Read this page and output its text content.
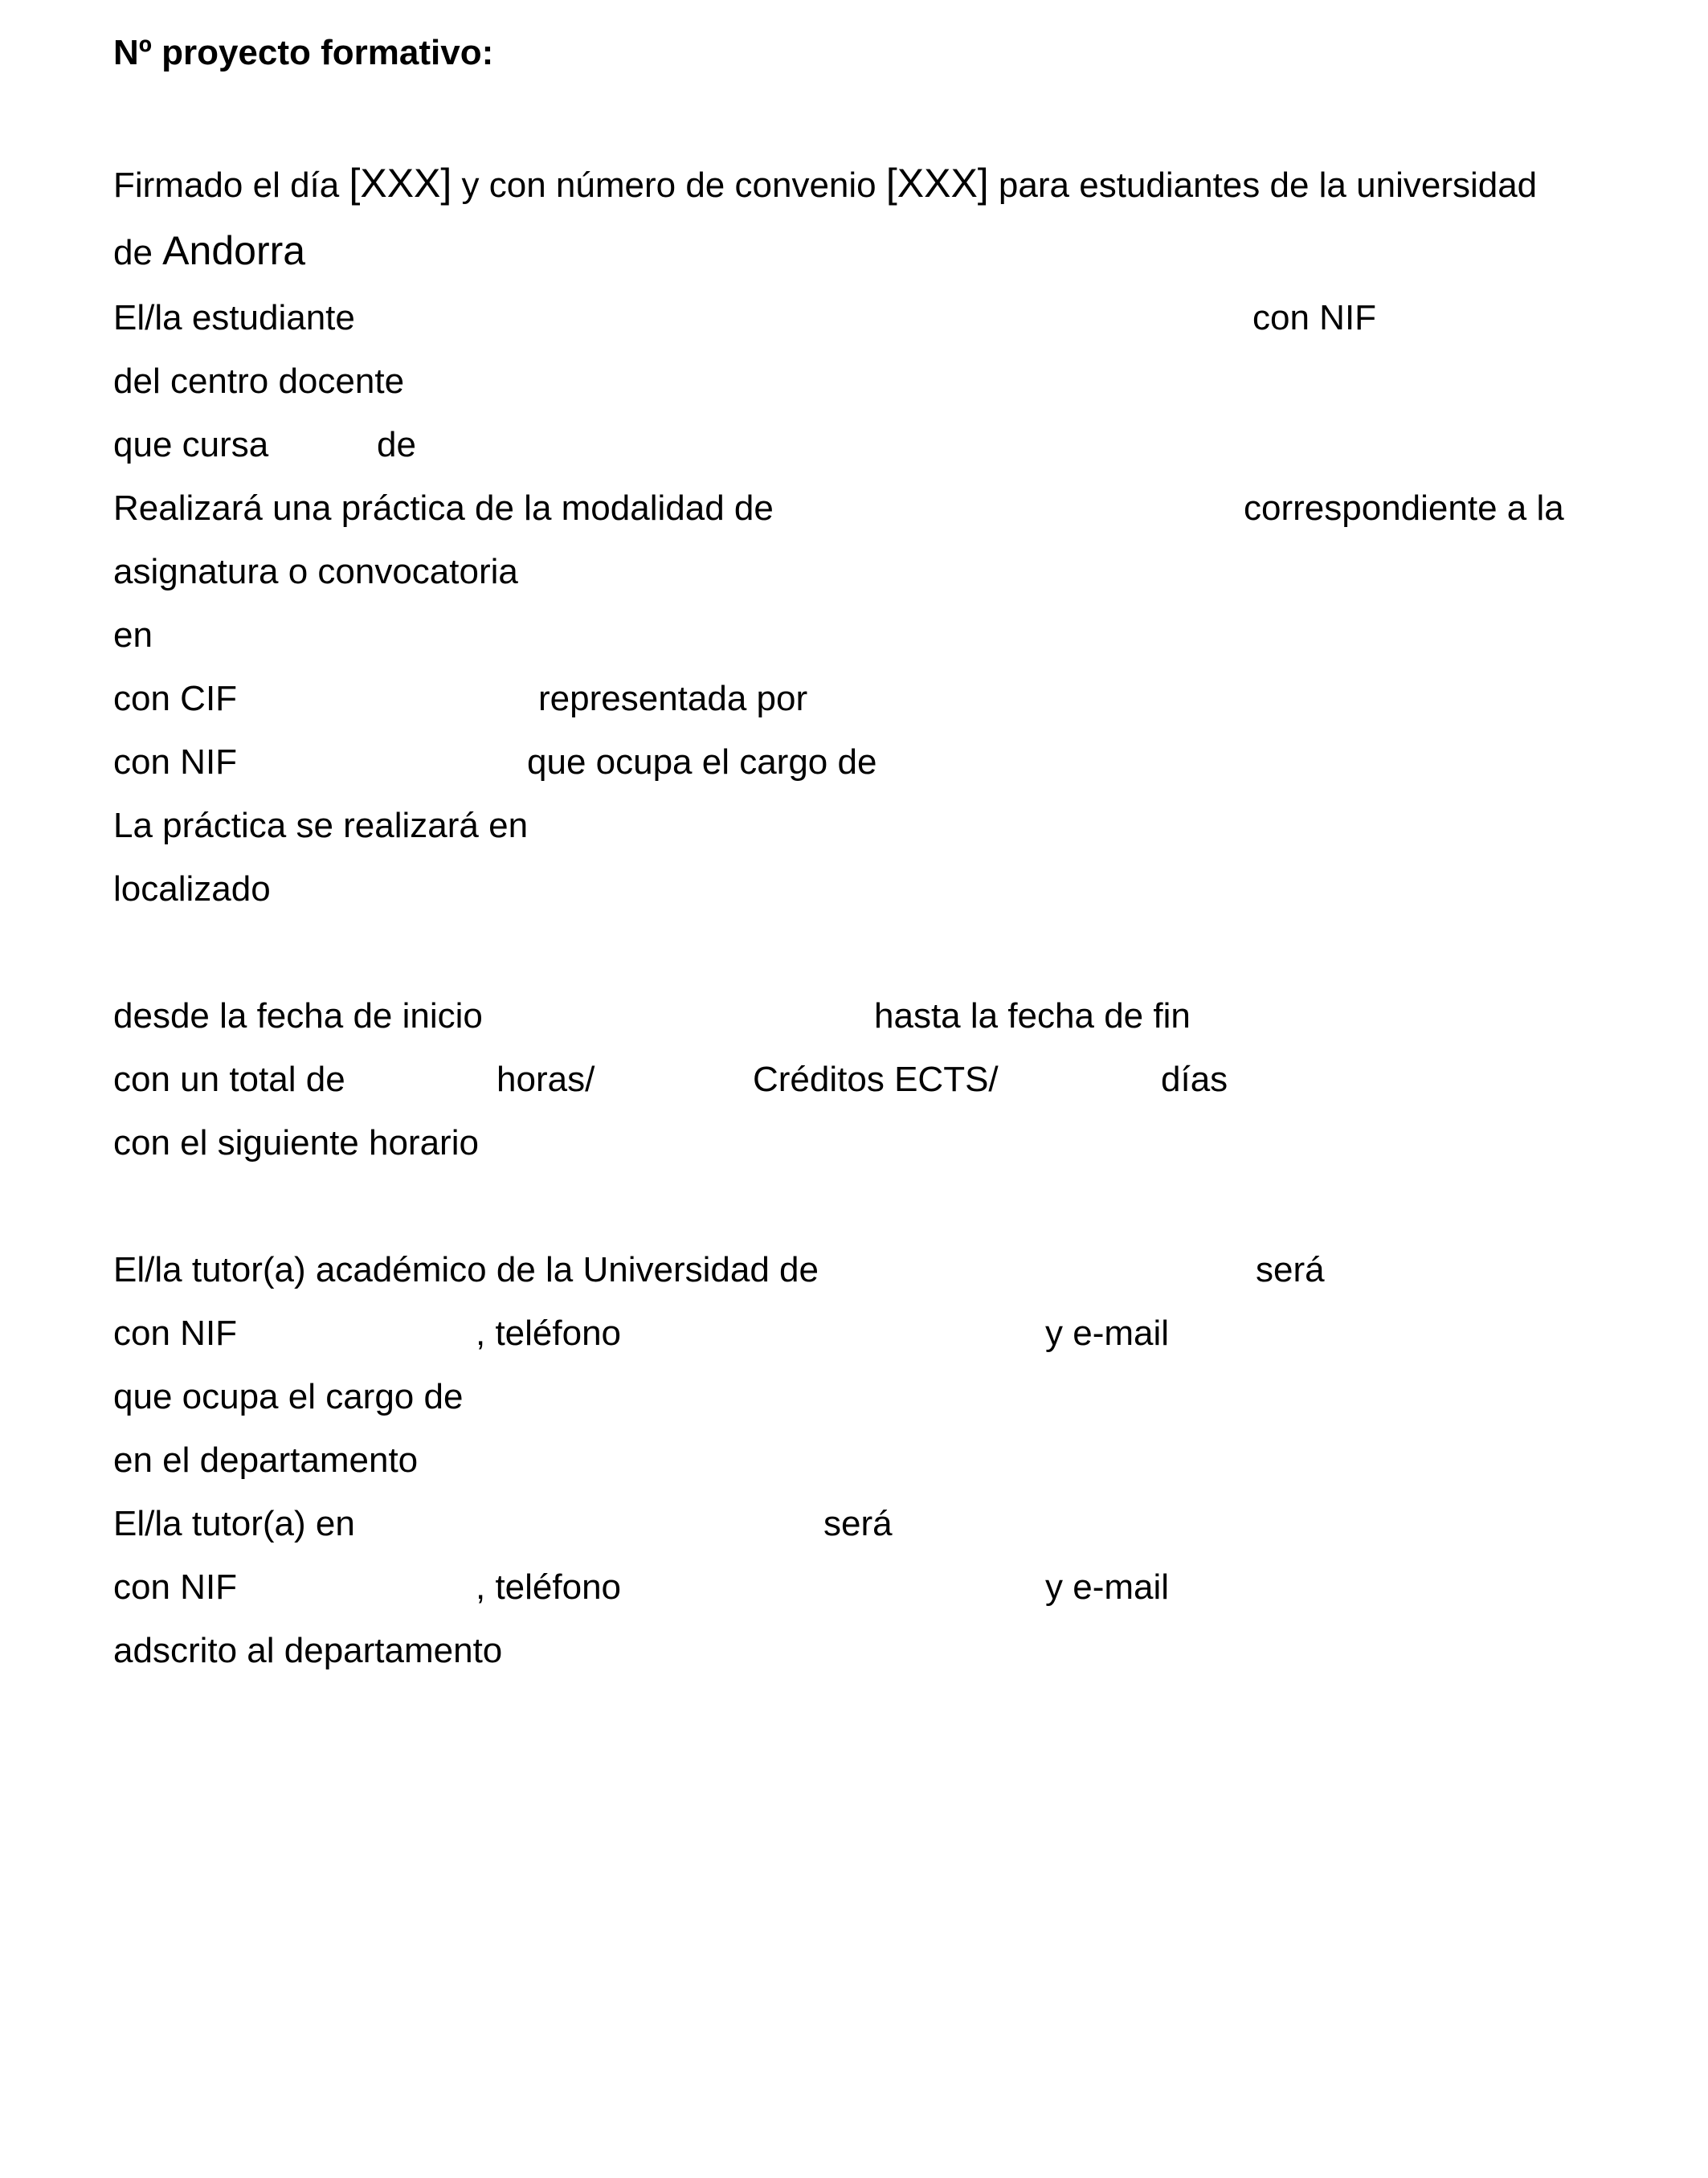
Nº proyecto formativo:
Firmado el día [XXX] y con número de convenio [XXX] para estudiantes de la universidad
de Andorra
El/la estudiante	con NIF
del centro docente
que cursa	de
Realizará una práctica de la modalidad de	correspondiente a la
asignatura o convocatoria
en
con CIF	representada por
con NIF	que ocupa el cargo de
La práctica se realizará en
localizado
desde la fecha de inicio	hasta la fecha de fin
con un total de	horas/	Créditos ECTS/	días
con el siguiente horario
El/la tutor(a) académico de la Universidad de	será
con NIF	, teléfono	y e-mail
que ocupa el cargo de
en el departamento
El/la tutor(a) en	será
con NIF	, teléfono	y e-mail
adscrito al departamento
